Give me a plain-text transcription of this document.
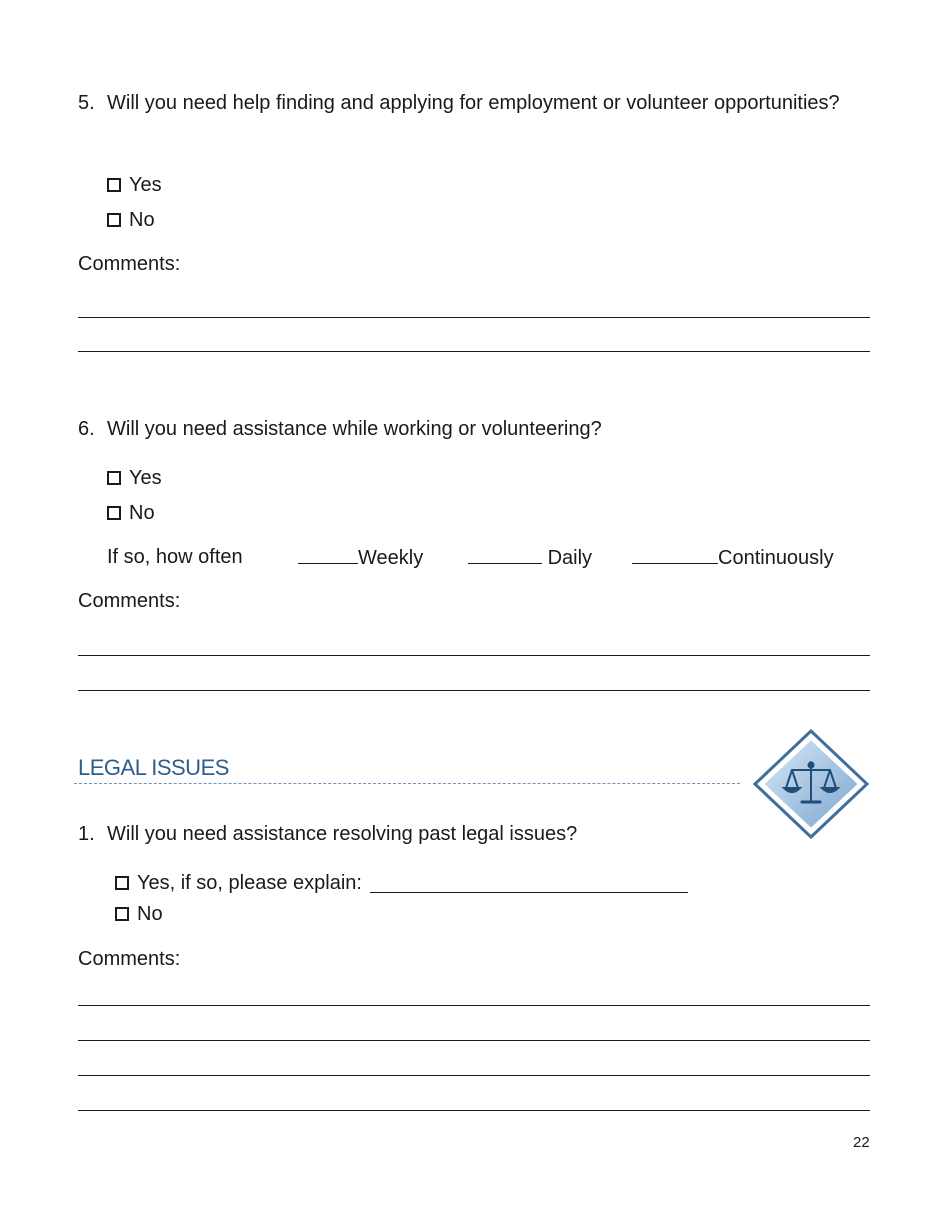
5. Will you need help finding and applying for employment or volunteer opportunities?
Yes
No
Comments:
6. Will you need assistance while working or volunteering?
Yes
No
If so, how often	Weekly	Daily	Continuously
Comments:
LEGAL ISSUES
1. Will you need assistance resolving past legal issues?
Yes, if so, please explain:
No
Comments:
22
